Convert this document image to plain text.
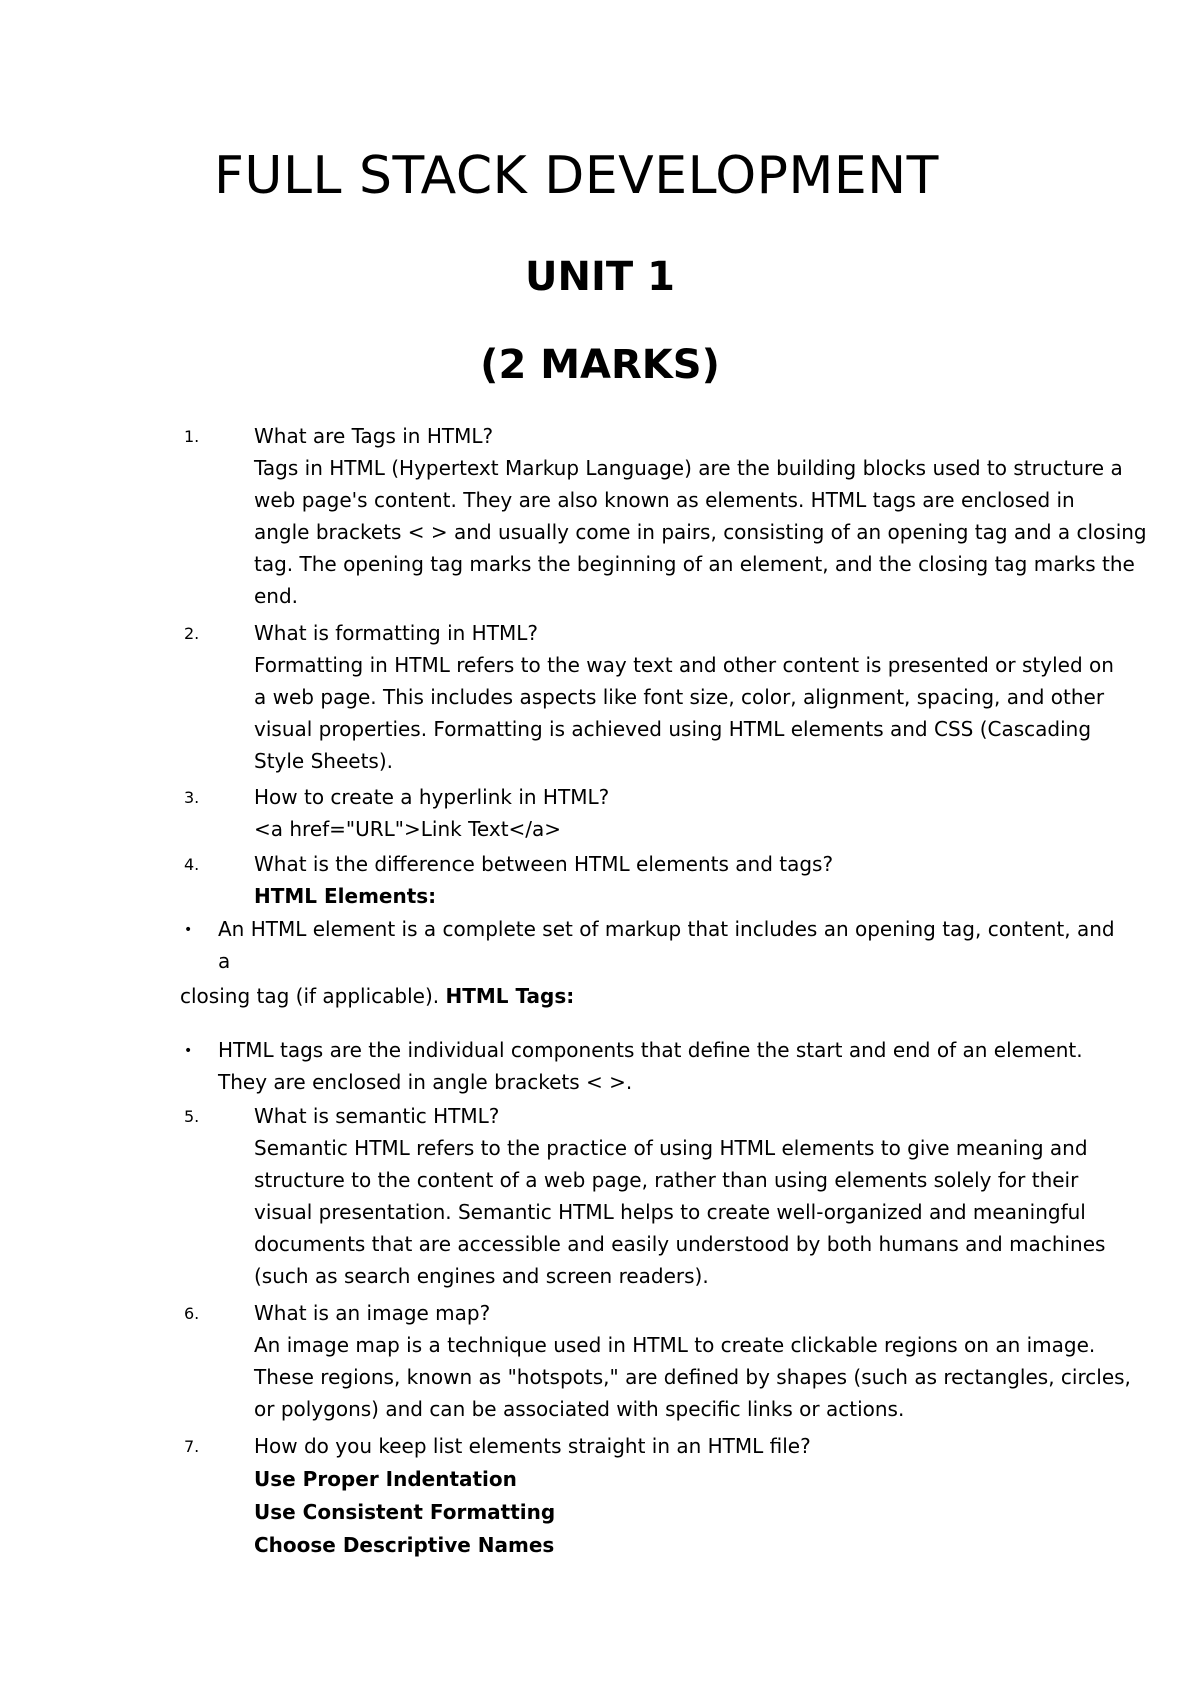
FULL STACK DEVELOPMENT
UNIT 1
(2 MARKS)
1.	What are Tags in HTML?
Tags in HTML (Hypertext Markup Language) are the building blocks used to structure a
web page's content. They are also known as elements. HTML tags are enclosed in
angle brackets < > and usually come in pairs, consisting of an opening tag and a closing
tag. The opening tag marks the beginning of an element, and the closing tag marks the
end.
2.	What is formatting in HTML?
Formatting in HTML refers to the way text and other content is presented or styled on
a web page. This includes aspects like font size, color, alignment, spacing, and other
visual properties. Formatting is achieved using HTML elements and CSS (Cascading
Style Sheets).
3.	How to create a hyperlink in HTML?
<a href="URL">Link Text</a>
4.	What is the difference between HTML elements and tags?
HTML Elements:
• An HTML element is a complete set of markup that includes an opening tag, content, and
a
closing tag (if applicable). HTML Tags:
• HTML tags are the individual components that define the start and end of an element.
They are enclosed in angle brackets < >.
5.	What is semantic HTML?
Semantic HTML refers to the practice of using HTML elements to give meaning and
structure to the content of a web page, rather than using elements solely for their
visual presentation. Semantic HTML helps to create well-organized and meaningful
documents that are accessible and easily understood by both humans and machines
(such as search engines and screen readers).
6.	What is an image map?
An image map is a technique used in HTML to create clickable regions on an image.
These regions, known as "hotspots," are defined by shapes (such as rectangles, circles,
or polygons) and can be associated with specific links or actions.
7.	How do you keep list elements straight in an HTML file?
Use Proper Indentation
Use Consistent Formatting
Choose Descriptive Names
